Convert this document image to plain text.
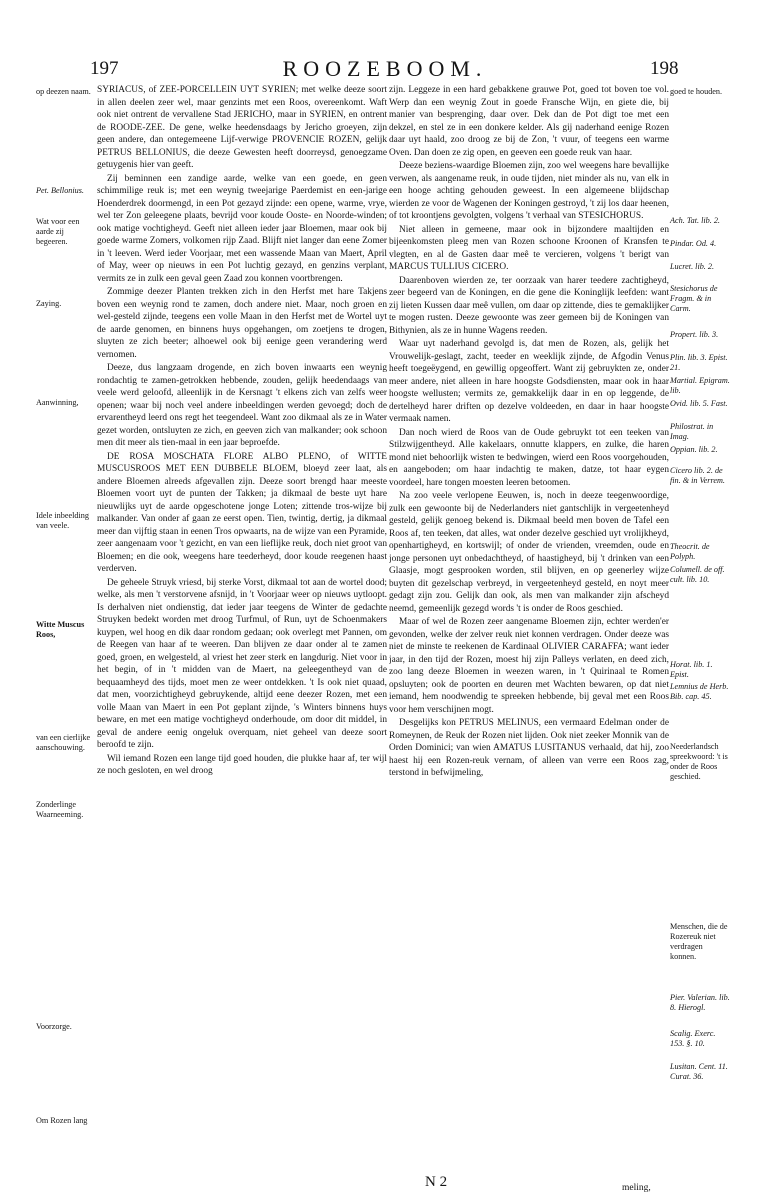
197	ROOZEBOOM.	198

SYRIACUS, of ZEE-PORCELLEIN UYT SYRIEN; met welke deeze soort in allen deelen zeer wel, maar genzints met een Roos, overeenkomt. Waft ook niet ontrent de vervallene Stad JERICHO, maar in SYRIEN, en ontrent de ROODE-ZEE. De gene, welke heedensdaags by Jericho groeyen, zijn geen andere, dan ontegemeene Lijf-verwige PROVENCIE ROZEN, gelijk PETRUS BELLONIUS, die deeze Gewesten heeft doorreysd, genoegzame getuygenis hier van geeft.

Zij beminnen een zandige aarde, welke van een goede, en geen schimmilige reuk is; met een weynig tweejarige Paerdemist en een-jarige Hoenderdrek doormengd, in een Pot gezayd zijnde: een opene, warme, vrye, wel ter Zon geleegene plaats, bevrijd voor koude Ooste- en Noorde-winden; ook matige vochtigheyd. Geeft niet alleen ieder jaar Bloemen, maar ook bij goede warme Zomers, volkomen rijp Zaad. Blijft niet langer dan eene Zomer in 't leeven. Werd ieder Voorjaar, met een wassende Maan van Maert, April of May, weer op nieuws in een Pot luchtig gezayd, en genzins verplant, vermits ze in zulk een geval geen Zaad zou konnen voortbrengen.

Zommige deezer Planten trekken zich in den Herfst met hare Takjens boven een weynig rond te zamen, doch andere niet. Maar, noch groen en wel-gesteld zijnde, teegens een volle Maan in den Herfst met de Wortel uyt de aarde genomen, en binnens huys opgehangen, om zoetjens te drogen, sluyten ze zich beeter; alhoewel ook bij eenige geen verandering werd vernomen.

Deeze, dus langzaam drogende, en zich boven inwaarts een weynig rondachtig te zamen-getrokken hebbende, zouden, gelijk heedendaags van veele werd geloofd, alleenlijk in de Kersnagt 't elkens zich van zelfs weer openen; waar bij noch veel andere inbeeldingen werden gevoegd; doch de ervarentheyd leerd ons regt het teegendeel. Want zoo dikmaal als ze in Water gezet worden, ontsluyten ze zich, en geeven zich van malkander; ook schoon men dit meer als tien-maal in een jaar beproefde.

DE ROSA MOSCHATA FLORE ALBO PLENO, of WITTE MUSCUSROOS MET EEN DUBBELE BLOEM, bloeyd zeer laat, als andere Bloemen alreeds afgevallen zijn. Deeze soort brengd haar meeste Bloemen voort uyt de punten der Takken; ja dikmaal de beste uyt hare nieuwlijks uyt de aarde opgeschotene jonge Loten; zittende tros-wijze bij malkander. Van onder af gaan ze eerst open. Tien, twintig, dertig, ja dikmaal meer dan vijftig staan in eenen Tros opwaarts, na de wijze van een Pyramide, zeer aangenaam voor 't gezicht, en van een lieflijke reuk, doch niet groot van Bloemen; en die ook, weegens hare teederheyd, door koude reegenen haast verderven.

De geheele Struyk vriesd, bij sterke Vorst, dikmaal tot aan de wortel dood; welke, als men 't verstorvene afsnijd, in 't Voorjaar weer op nieuws uytloopt. Is derhalven niet ondienstig, dat ieder jaar teegens de Winter de gedachte Struyken bedekt worden met droog Turfmul, of Run, uyt de Schoenmakers kuypen, wel hoog en dik daar rondom gedaan; ook overlegt met Pannen, om de Reegen van haar af te weeren. Dan blijven ze daar onder al te zamen goed, groen, en welgesteld, al vriest het zeer sterk en langdurig. Niet voor in het begin, of in 't midden van de Maert, na geleegentheyd van de bequaamheyd des tijds, moet men ze weer ontdekken. 't Is ook niet quaad, dat men, voorzichtigheyd gebruykende, altijd eene deezer Rozen, met een volle Maan van Maert in een Pot geplant zijnde, 's Winters binnens huys beware, en met een matige vochtigheyd onderhoude, om door dit middel, in geval de andere eenig ongeluk overquam, niet geheel van deeze soort beroofd te zijn.

Wil iemand Rozen een lange tijd goed houden, die plukke haar af, ter wijl ze noch gesloten, en wel droog

zijn. Leggeze in een hard gebakkene grauwe Pot, goed tot boven toe vol. Werp dan een weynig Zout in goede Fransche Wijn, en giete die, bij manier van besprenging, daar over. Dek dan de Pot digt toe met een dekzel, en stel ze in een donkere kelder. Als gij naderhand eenige Rozen daar uyt haald, zoo droog ze bij de Zon, 't vuur, of teegens een warme Oven. Dan doen ze zig open, en geeven een goede reuk van haar.

Deeze beziens-waardige Bloemen zijn, zoo wel weegens hare bevallijke verwen, als aangename reuk, in oude tijden, niet minder als nu, van elk in een hooge achting gehouden geweest. In een algemeene blijdschap wierden ze voor de Wagenen der Koningen gestroyd, 't zij los daar heenen, of tot kroontjens gevolgten, volgens 't verhaal van STESICHORUS.

Niet alleen in gemeene, maar ook in bijzondere maaltijden en bijeenkomsten pleeg men van Rozen schoone Kroonen of Kransfen te vlegten, en al de Gasten daar meê te vercieren, volgens 't berigt van MARCUS TULLIUS CICERO.

Daarenboven wierden ze, ter oorzaak van harer teedere zachtigheyd, zeer begeerd van de Koningen, en die gene die Koninglijk leefden: want zij lieten Kussen daar meê vullen, om daar op zittende, dies te gemaklijker te mogen rusten. Deeze gewoonte was zeer gemeen bij de Koningen van Bithynien, als ze in hunne Wagens reeden.

Waar uyt naderhand gevolgd is, dat men de Rozen, als, gelijk het Vrouwelijk-geslagt, zacht, teeder en weeklijk zijnde, de Afgodin Venus heeft toegeëygend, en gewillig opgeoffert. Want zij gebruykten ze, onder meer andere, niet alleen in hare hoogste Godsdiensten, maar ook in haar hoogste wellusten; vermits ze, gemakkelijk daar in en op leggende, de dertelheyd harer driften op dezelve voldeeden, en daar in haar hoogste vermaak namen.

Dan noch wierd de Roos van de Oude gebruykt tot een teeken van Stilzwijgentheyd. Alle kakelaars, onnutte klappers, en zulke, die haren mond niet behoorlijk wisten te bedwingen, wierd een Roos voorgehouden, en aangeboden; om haar indachtig te maken, datze, tot haar eygen voordeel, hare tongen moesten leeren betoomen.

Na zoo veele verlopene Eeuwen, is, noch in deeze teegenwoordige, zulk een gewoonte bij de Nederlanders niet gantschlijk in vergeetenheyd gesteld, gelijk genoeg bekend is. Dikmaal beeld men boven de Tafel een Roos af, ten teeken, dat alles, wat onder dezelve geschied uyt vrolijkheyd, openhartigheyd, en kortswijl; of onder de vrienden, vreemden, oude en jonge personen uyt onbedachtheyd, of haastigheyd, bij 't drinken van een Glaasje, mogt gesprooken worden, stil blijven, en op geenerley wijze buyten dit gezelschap verbreyd, in vergeetenheyd gesteld, en noyt meer gedagt zijn zou. Gelijk dan ook, als men van malkander zijn afscheyd neemd, gemeenlijk gezegd words 't is onder de Roos geschied.

Maar of wel de Rozen zeer aangename Bloemen zijn, echter werden'er gevonden, welke der zelver reuk niet konnen verdragen. Onder deeze was niet de minste te reekenen de Kardinaal OLIVIER CARAFFA; want ieder jaar, in den tijd der Rozen, moest hij zijn Palleys verlaten, en deed zich, zoo lang deeze Bloemen in weezen waren, in 't Quirinaal te Romen opsluyten; ook de poorten en deuren met Wachten bewaren, op dat niet iemand, hem noodwendig te spreeken hebbende, bij geval met een Roos voor hem verschijnen mogt.

Desgelijks kon PETRUS MELINUS, een vermaard Edelman onder de Romeynen, de Reuk der Rozen niet lijden. Ook niet zeeker Monnik van de Orden Dominici; van wien AMATUS LUSITANUS verhaald, dat hij, zoo haest hij een Rozen-reuk vernam, of alleen van verre een Roos zag, terstond in befwijmeling,

op deezen naam.
Pet. Bellonius.
Wat voor een aarde zij begeeren.
Zaying.
Aanwinning,
Idele inbeelding van veele.
Witte Muscus Roos,
van een cierlijke aanschouwing.
Zonderlinge Waarneeming.
Voorzorge.
Om Rozen lang
goed te houden.
Ach. Tat. lib. 2.
Pindar. Od. 4.
Lucret. lib. 2.
Stesichorus de Fragm. & in Carm.
Propert. lib. 3.
Plin. lib. 3. Epist. 21.
Martial. Epigram. lib.
Ovid. lib. 5. Fast.
Philostrat. in Imag.
Oppian. lib. 2.
Cicero lib. 2. de fin. & in Verrem.
Theocrit. de Polyph.
Columell. de off. cult. lib. 10.
Horat. lib. 1. Epist.
Lemnius de Herb. Bib. cap. 45.
Neederlandsch spreekwoord: 't is onder de Roos geschied.
Menschen, die de Rozereuk niet verdragen konnen.
Pier. Valerian. lib. 8. Hierogl.
Scalig. Exerc. 153. §. 10.
Lusitan. Cent. 11. Curat. 36.
N 2	meling,
